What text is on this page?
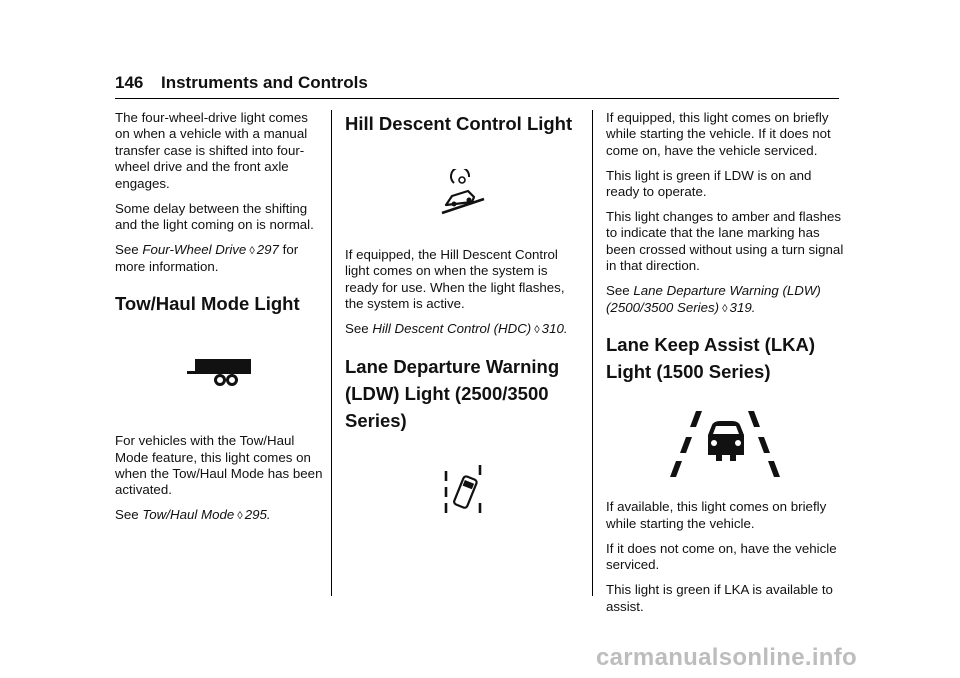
146 Instruments and Controls

The four-wheel-drive light comes on when a vehicle with a manual transfer case is shifted into four-wheel drive and the front axle engages.

Some delay between the shifting and the light coming on is normal.

See Four-Wheel Drive ◊ 297 for more information.

Tow/Haul Mode Light

For vehicles with the Tow/Haul Mode feature, this light comes on when the Tow/Haul Mode has been activated.

See Tow/Haul Mode ◊ 295.

Hill Descent Control Light

If equipped, the Hill Descent Control light comes on when the system is ready for use. When the light flashes, the system is active.

See Hill Descent Control (HDC) ◊ 310.

Lane Departure Warning
(LDW) Light (2500/3500
Series)

If equipped, this light comes on briefly while starting the vehicle. If it does not come on, have the vehicle serviced.

This light is green if LDW is on and ready to operate.

This light changes to amber and flashes to indicate that the lane marking has been crossed without using a turn signal in that direction.

See Lane Departure Warning (LDW) (2500/3500 Series) ◊ 319.

Lane Keep Assist (LKA)
Light (1500 Series)

If available, this light comes on briefly while starting the vehicle.

If it does not come on, have the vehicle serviced.

This light is green if LKA is available to assist.

carmanualsonline.info
